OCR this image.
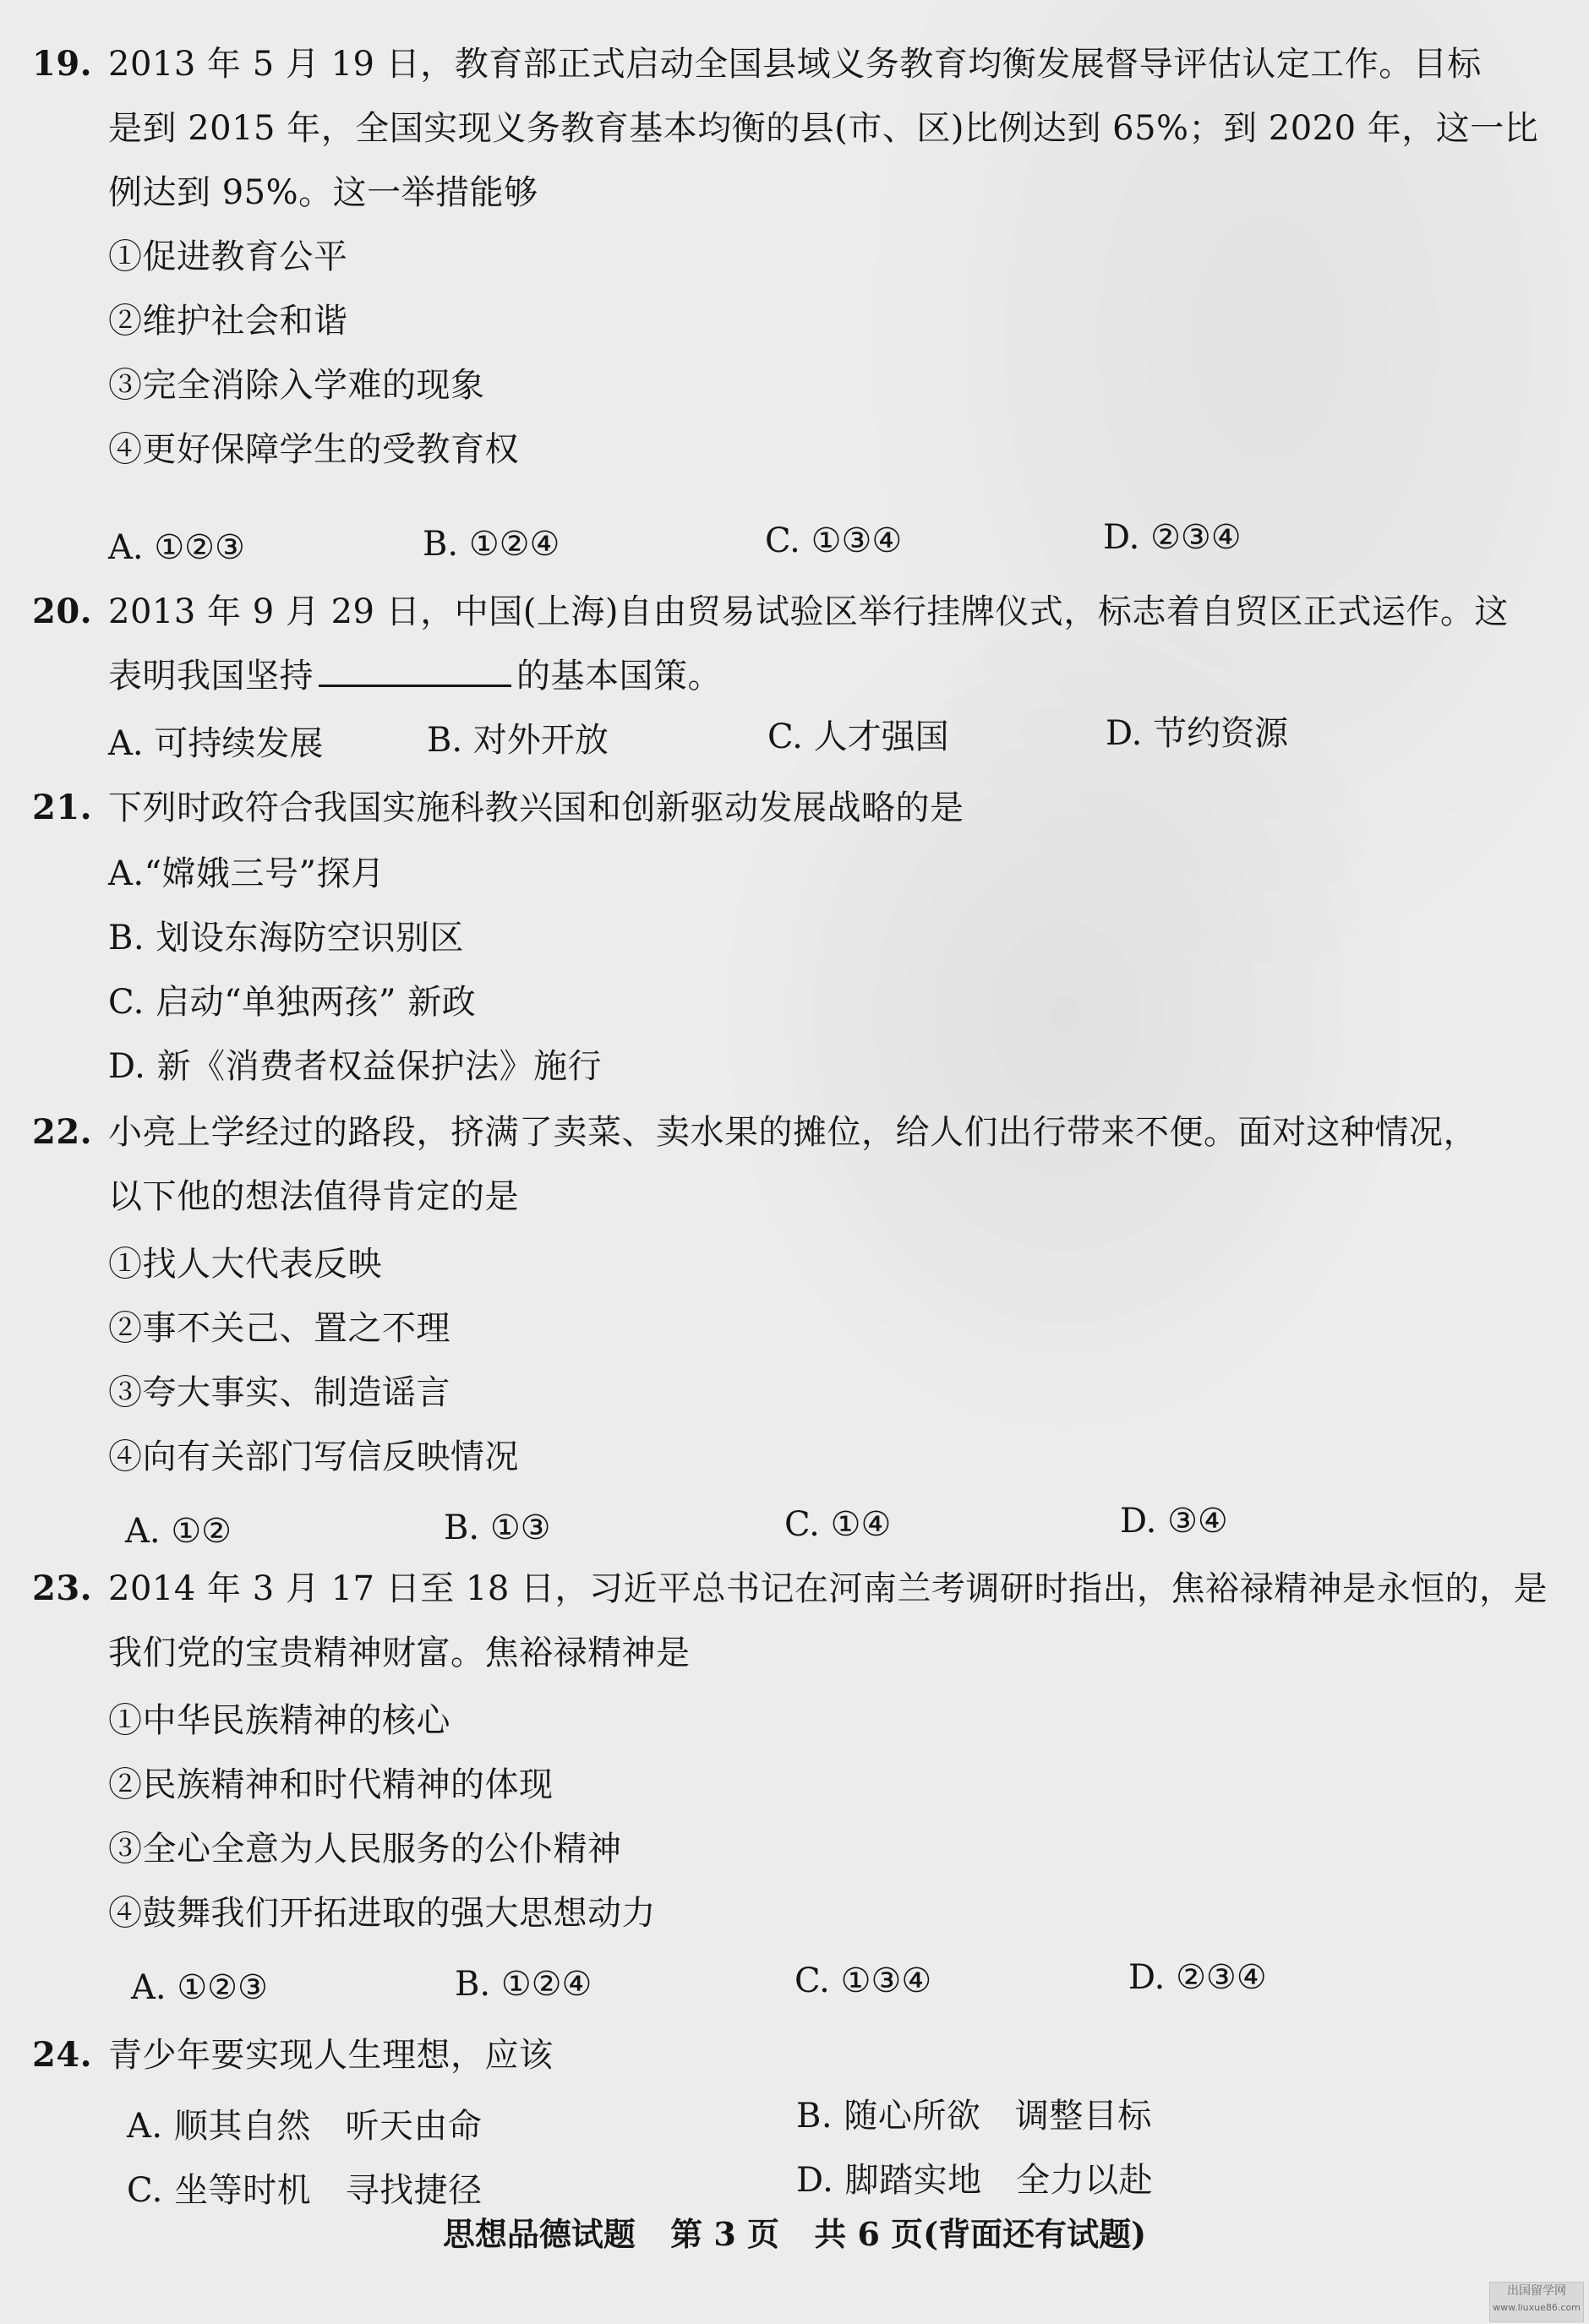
19. 2013 年 5 月 19 日，教育部正式启动全国县域义务教育均衡发展督导评估认定工作。目标
是到 2015 年，全国实现义务教育基本均衡的县(市、区)比例达到 65%；到 2020 年，这一比
例达到 95%。这一举措能够
①促进教育公平
②维护社会和谐
③完全消除入学难的现象
④更好保障学生的受教育权
A. ①②③	B. ①②④	C. ①③④	D. ②③④
20. 2013 年 9 月 29 日，中国(上海)自由贸易试验区举行挂牌仪式，标志着自贸区正式运作。这
表明我国坚持	的基本国策。
A. 可持续发展	B. 对外开放	C. 人才强国	D. 节约资源
21. 下列时政符合我国实施科教兴国和创新驱动发展战略的是
A.“嫦娥三号”探月
B. 划设东海防空识别区
C. 启动“单独两孩” 新政
D. 新《消费者权益保护法》施行
22. 小亮上学经过的路段，挤满了卖菜、卖水果的摊位，给人们出行带来不便。面对这种情况，
以下他的想法值得肯定的是
①找人大代表反映
②事不关己、置之不理
③夸大事实、制造谣言
④向有关部门写信反映情况
A. ①②	B. ①③	C. ①④	D. ③④
23. 2014 年 3 月 17 日至 18 日，习近平总书记在河南兰考调研时指出，焦裕禄精神是永恒的，是
我们党的宝贵精神财富。焦裕禄精神是
①中华民族精神的核心
②民族精神和时代精神的体现
③全心全意为人民服务的公仆精神
④鼓舞我们开拓进取的强大思想动力
A. ①②③	B. ①②④	C. ①③④	D. ②③④
24. 青少年要实现人生理想，应该
A. 顺其自然　听天由命	B. 随心所欲　调整目标
C. 坐等时机　寻找捷径	D. 脚踏实地　全力以赴
思想品德试题 第 3 页 共 6 页(背面还有试题)
出国留学网
www.liuxue86.com
